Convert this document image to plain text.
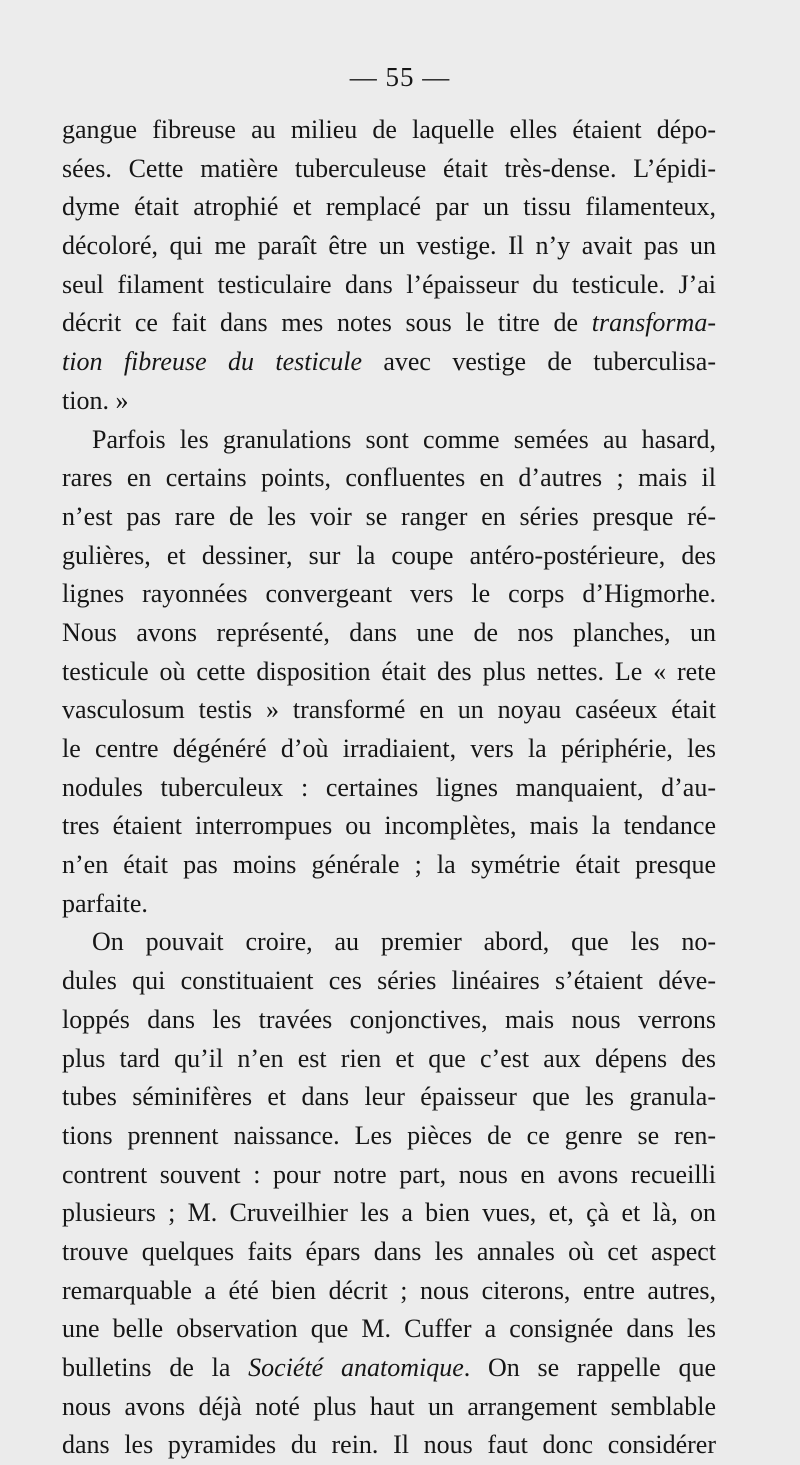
— 55 —
gangue fibreuse au milieu de laquelle elles étaient dépo-
sées. Cette matière tuberculeuse était très-dense. L’épidi-
dyme était atrophié et remplacé par un tissu filamenteux,
décoloré, qui me paraît être un vestige. Il n’y avait pas un
seul filament testiculaire dans l’épaisseur du testicule. J’ai
décrit ce fait dans mes notes sous le titre de transforma-
tion fibreuse du testicule avec vestige de tuberculisa-
tion. »
Parfois les granulations sont comme semées au hasard,
rares en certains points, confluentes en d’autres ; mais il
n’est pas rare de les voir se ranger en séries presque ré-
gulières, et dessiner, sur la coupe antéro-postérieure, des
lignes rayonnées convergeant vers le corps d’Higmorhe.
Nous avons représenté, dans une de nos planches, un
testicule où cette disposition était des plus nettes. Le « rete
vasculosum testis » transformé en un noyau caséeux était
le centre dégénéré d’où irradiaient, vers la périphérie, les
nodules tuberculeux : certaines lignes manquaient, d’au-
tres étaient interrompues ou incomplètes, mais la tendance
n’en était pas moins générale ; la symétrie était presque
parfaite.
On pouvait croire, au premier abord, que les no-
dules qui constituaient ces séries linéaires s’étaient déve-
loppés dans les travées conjonctives, mais nous verrons
plus tard qu’il n’en est rien et que c’est aux dépens des
tubes séminifères et dans leur épaisseur que les granula-
tions prennent naissance. Les pièces de ce genre se ren-
contrent souvent : pour notre part, nous en avons recueilli
plusieurs ; M. Cruveilhier les a bien vues, et, çà et là, on
trouve quelques faits épars dans les annales où cet aspect
remarquable a été bien décrit ; nous citerons, entre autres,
une belle observation que M. Cuffer a consignée dans les
bulletins de la Société anatomique. On se rappelle que
nous avons déjà noté plus haut un arrangement semblable
dans les pyramides du rein. Il nous faut donc considérer
